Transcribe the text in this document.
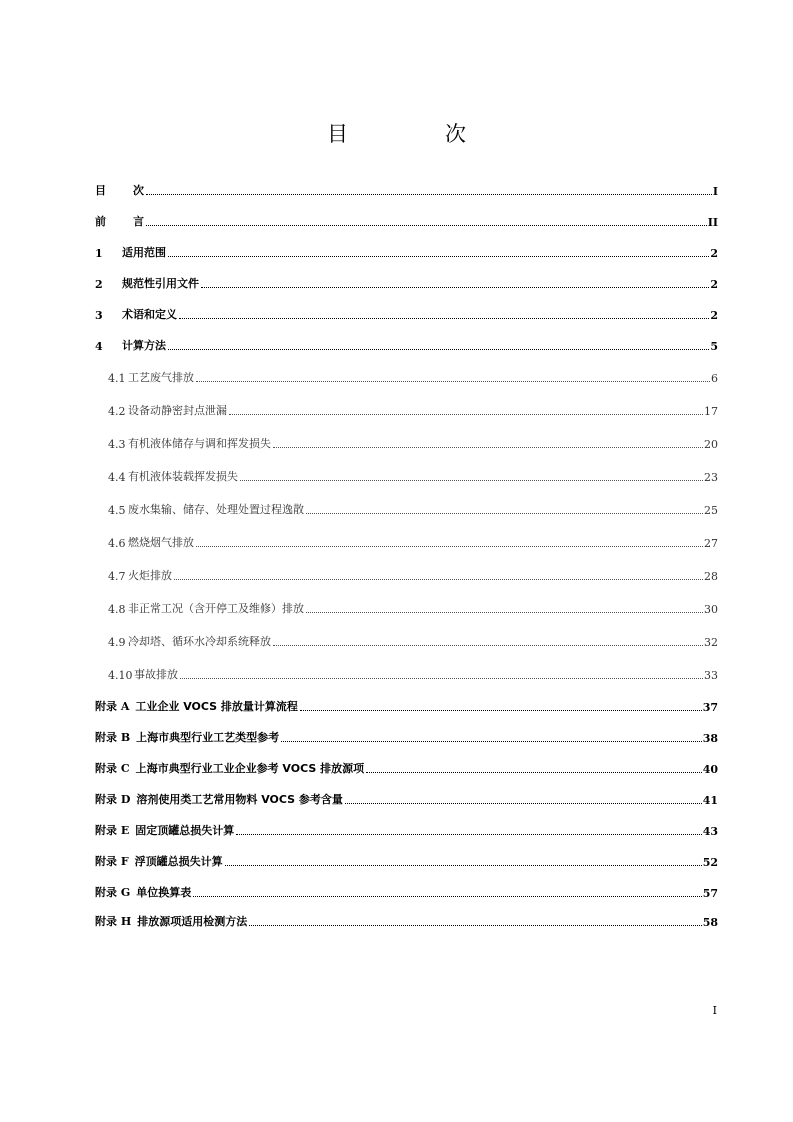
目　次
目	次	I
前	言	II
1	适用范围	2
2	规范性引用文件	2
3	术语和定义	2
4	计算方法	5
4.1 工艺废气排放	6
4.2 设备动静密封点泄漏	17
4.3 有机液体储存与调和挥发损失	20
4.4 有机液体装载挥发损失	23
4.5 废水集输、储存、处理处置过程逸散	25
4.6 燃烧烟气排放	27
4.7 火炬排放	28
4.8 非正常工况（含开停工及维修）排放	30
4.9 冷却塔、循环水冷却系统释放	32
4.10 事故排放	33
附录 A 工业企业 VOCS 排放量计算流程	37
附录 B 上海市典型行业工艺类型参考	38
附录 C 上海市典型行业工业企业参考 VOCS 排放源项	40
附录 D 溶剂使用类工艺常用物料 VOCS 参考含量	41
附录 E 固定顶罐总损失计算	43
附录 F 浮顶罐总损失计算	52
附录 G 单位换算表	57
附录 H 排放源项适用检测方法	58
I
